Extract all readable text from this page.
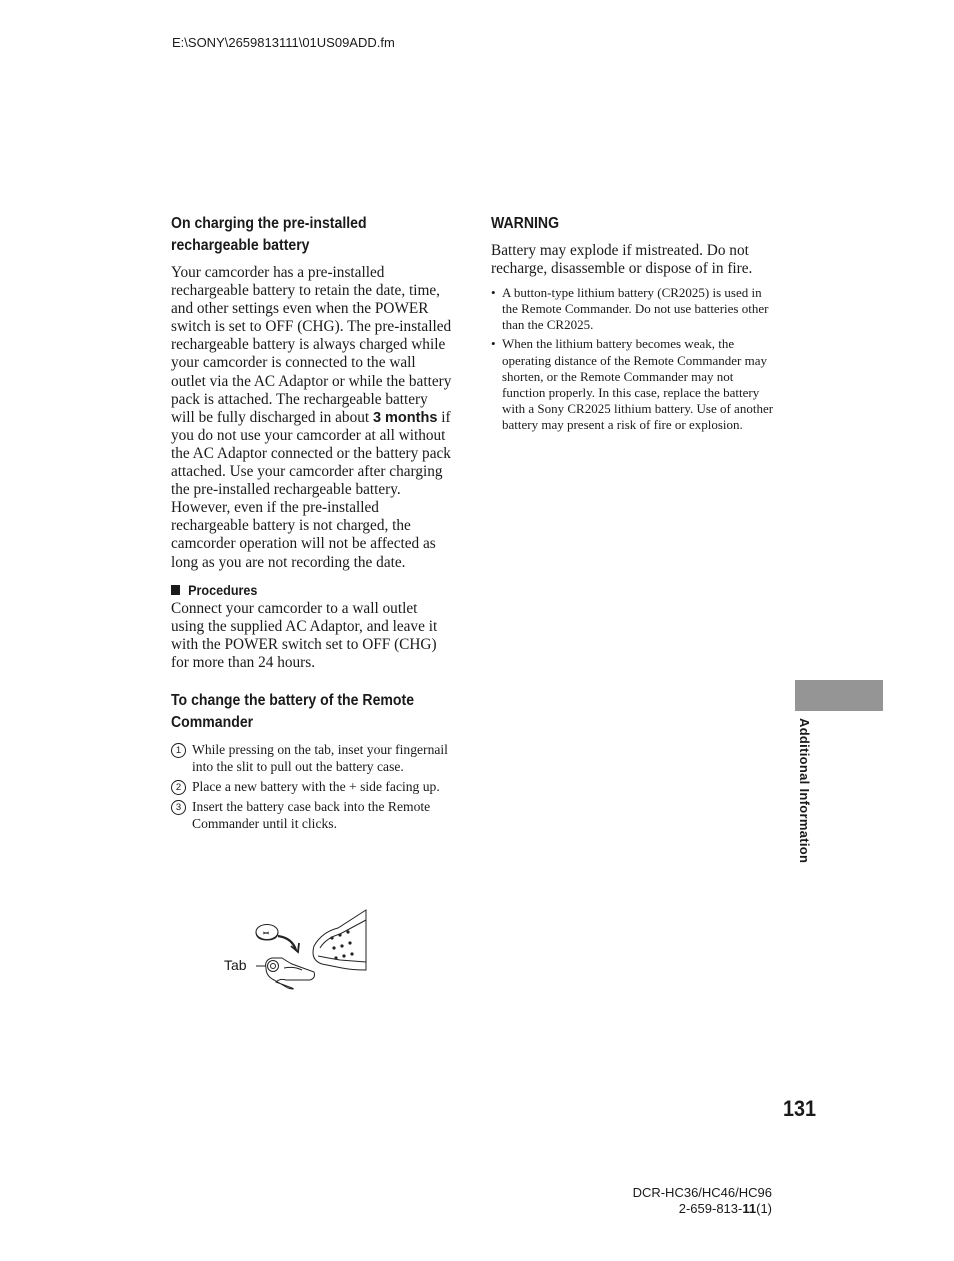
E:\SONY\2659813111\01US09ADD.fm
On charging the pre-installed rechargeable battery

Your camcorder has a pre-installed rechargeable battery to retain the date, time, and other settings even when the POWER switch is set to OFF (CHG). The pre-installed rechargeable battery is always charged while your camcorder is connected to the wall outlet via the AC Adaptor or while the battery pack is attached. The rechargeable battery will be fully discharged in about 3 months if you do not use your camcorder at all without the AC Adaptor connected or the battery pack attached. Use your camcorder after charging the pre-installed rechargeable battery.

However, even if the pre-installed rechargeable battery is not charged, the camcorder operation will not be affected as long as you are not recording the date.

Procedures

Connect your camcorder to a wall outlet using the supplied AC Adaptor, and leave it with the POWER switch set to OFF (CHG) for more than 24 hours.

To change the battery of the Remote Commander
1 While pressing on the tab, inset your fingernail into the slit to pull out the battery case.
2 Place a new battery with the + side facing up.
3 Insert the battery case back into the Remote Commander until it clicks.
Tab
WARNING

Battery may explode if mistreated. Do not recharge, disassemble or dispose of in fire.

• A button-type lithium battery (CR2025) is used in the Remote Commander. Do not use batteries other than the CR2025.
• When the lithium battery becomes weak, the operating distance of the Remote Commander may shorten, or the Remote Commander may not function properly. In this case, replace the battery with a Sony CR2025 lithium battery. Use of another battery may present a risk of fire or explosion.
Additional Information
131
DCR-HC36/HC46/HC96
2-659-813-11(1)
